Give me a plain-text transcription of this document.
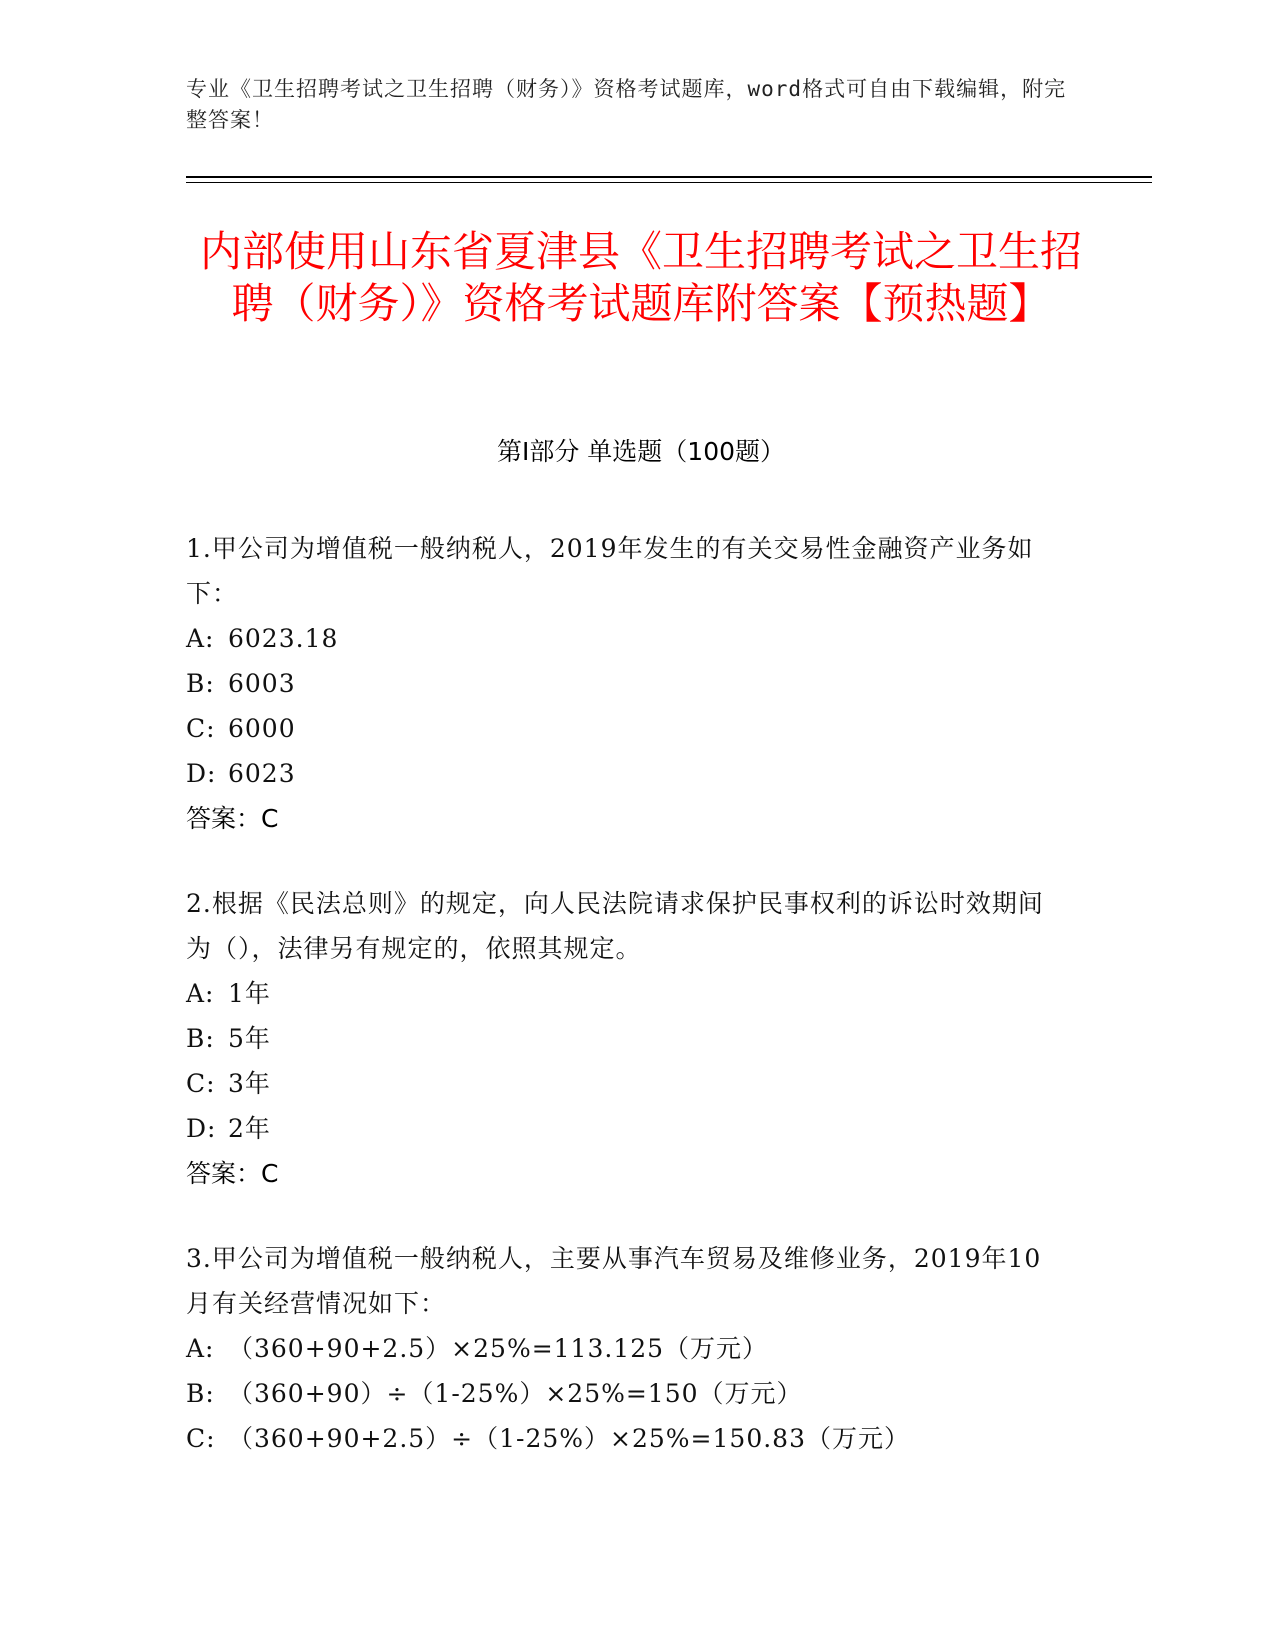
专业《卫生招聘考试之卫生招聘（财务）》资格考试题库，word格式可自由下载编辑，附完整答案！
内部使用山东省夏津县《卫生招聘考试之卫生招聘（财务）》资格考试题库附答案【预热题】
第Ⅰ部分 单选题（100题）
1.甲公司为增值税一般纳税人，2019年发生的有关交易性金融资产业务如下：
A: 6023.18
B: 6003
C: 6000
D: 6023
答案：C
2.根据《民法总则》的规定，向人民法院请求保护民事权利的诉讼时效期间为（），法律另有规定的，依照其规定。
A: 1年
B: 5年
C: 3年
D: 2年
答案：C
3.甲公司为增值税一般纳税人，主要从事汽车贸易及维修业务，2019年10月有关经营情况如下：
A: （360+90+2.5）×25%=113.125（万元）
B: （360+90）÷（1-25%）×25%=150（万元）
C: （360+90+2.5）÷（1-25%）×25%=150.83（万元）
